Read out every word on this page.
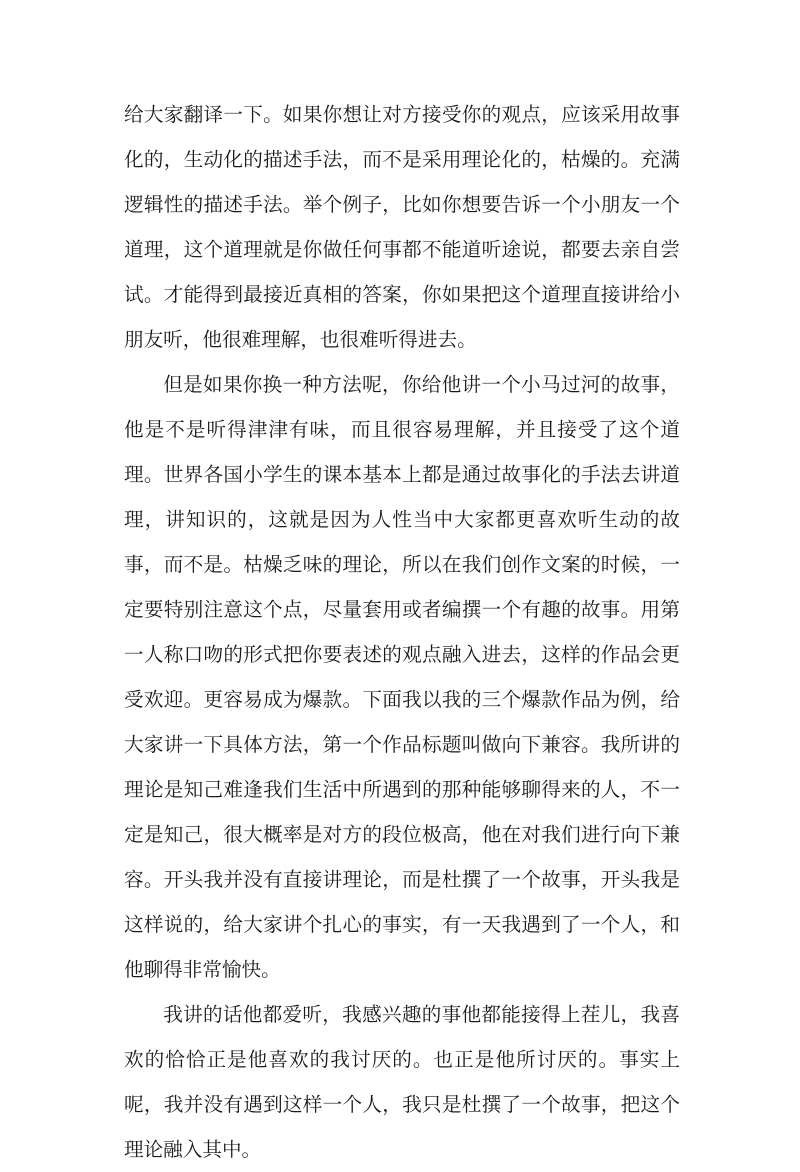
给大家翻译一下。如果你想让对方接受你的观点，应该采用故事化的，生动化的描述手法，而不是采用理论化的，枯燥的。充满逻辑性的描述手法。举个例子，比如你想要告诉一个小朋友一个道理，这个道理就是你做任何事都不能道听途说，都要去亲自尝试。才能得到最接近真相的答案，你如果把这个道理直接讲给小朋友听，他很难理解，也很难听得进去。

但是如果你换一种方法呢，你给他讲一个小马过河的故事，他是不是听得津津有味，而且很容易理解，并且接受了这个道理。世界各国小学生的课本基本上都是通过故事化的手法去讲道理，讲知识的，这就是因为人性当中大家都更喜欢听生动的故事，而不是。枯燥乏味的理论，所以在我们创作文案的时候，一定要特别注意这个点，尽量套用或者编撰一个有趣的故事。用第一人称口吻的形式把你要表述的观点融入进去，这样的作品会更受欢迎。更容易成为爆款。下面我以我的三个爆款作品为例，给大家讲一下具体方法，第一个作品标题叫做向下兼容。我所讲的理论是知己难逢我们生活中所遇到的那种能够聊得来的人，不一定是知己，很大概率是对方的段位极高，他在对我们进行向下兼容。开头我并没有直接讲理论，而是杜撰了一个故事，开头我是这样说的，给大家讲个扎心的事实，有一天我遇到了一个人，和他聊得非常愉快。

我讲的话他都爱听，我感兴趣的事他都能接得上茬儿，我喜欢的恰恰正是他喜欢的我讨厌的。也正是他所讨厌的。事实上呢，我并没有遇到这样一个人，我只是杜撰了一个故事，把这个理论融入其中。
